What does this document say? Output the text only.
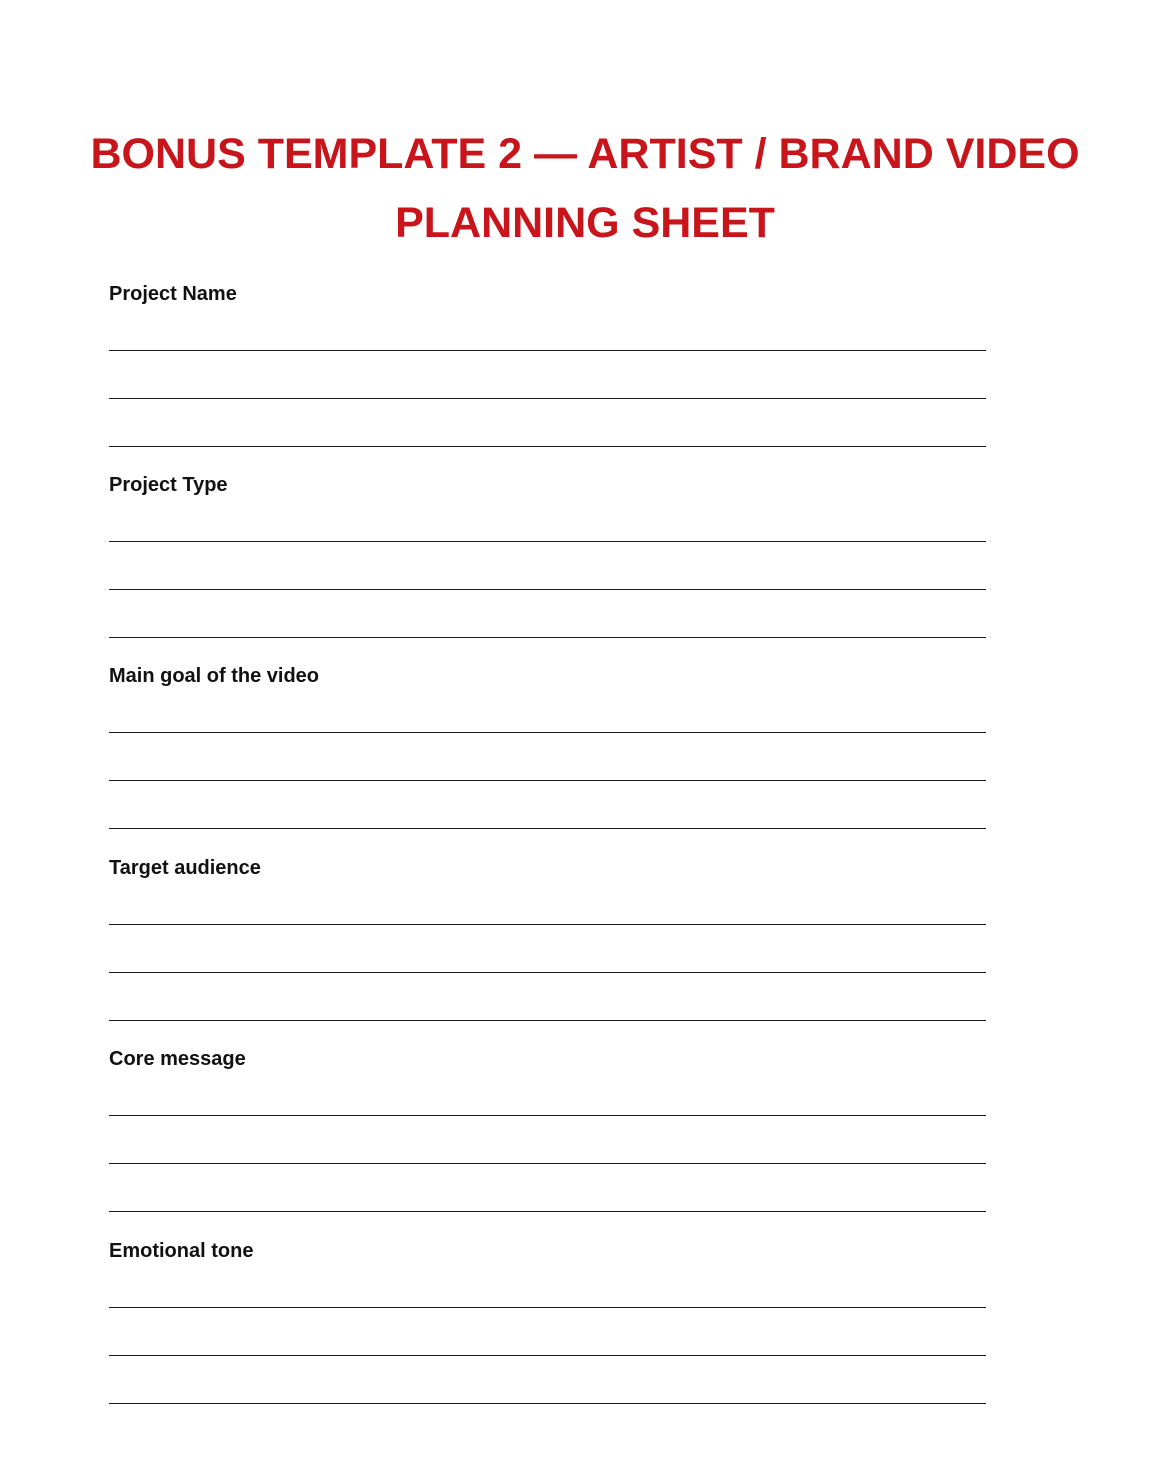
BONUS TEMPLATE 2 — ARTIST / BRAND VIDEO
PLANNING SHEET

Project Name

Project Type

Main goal of the video

Target audience

Core message

Emotional tone
